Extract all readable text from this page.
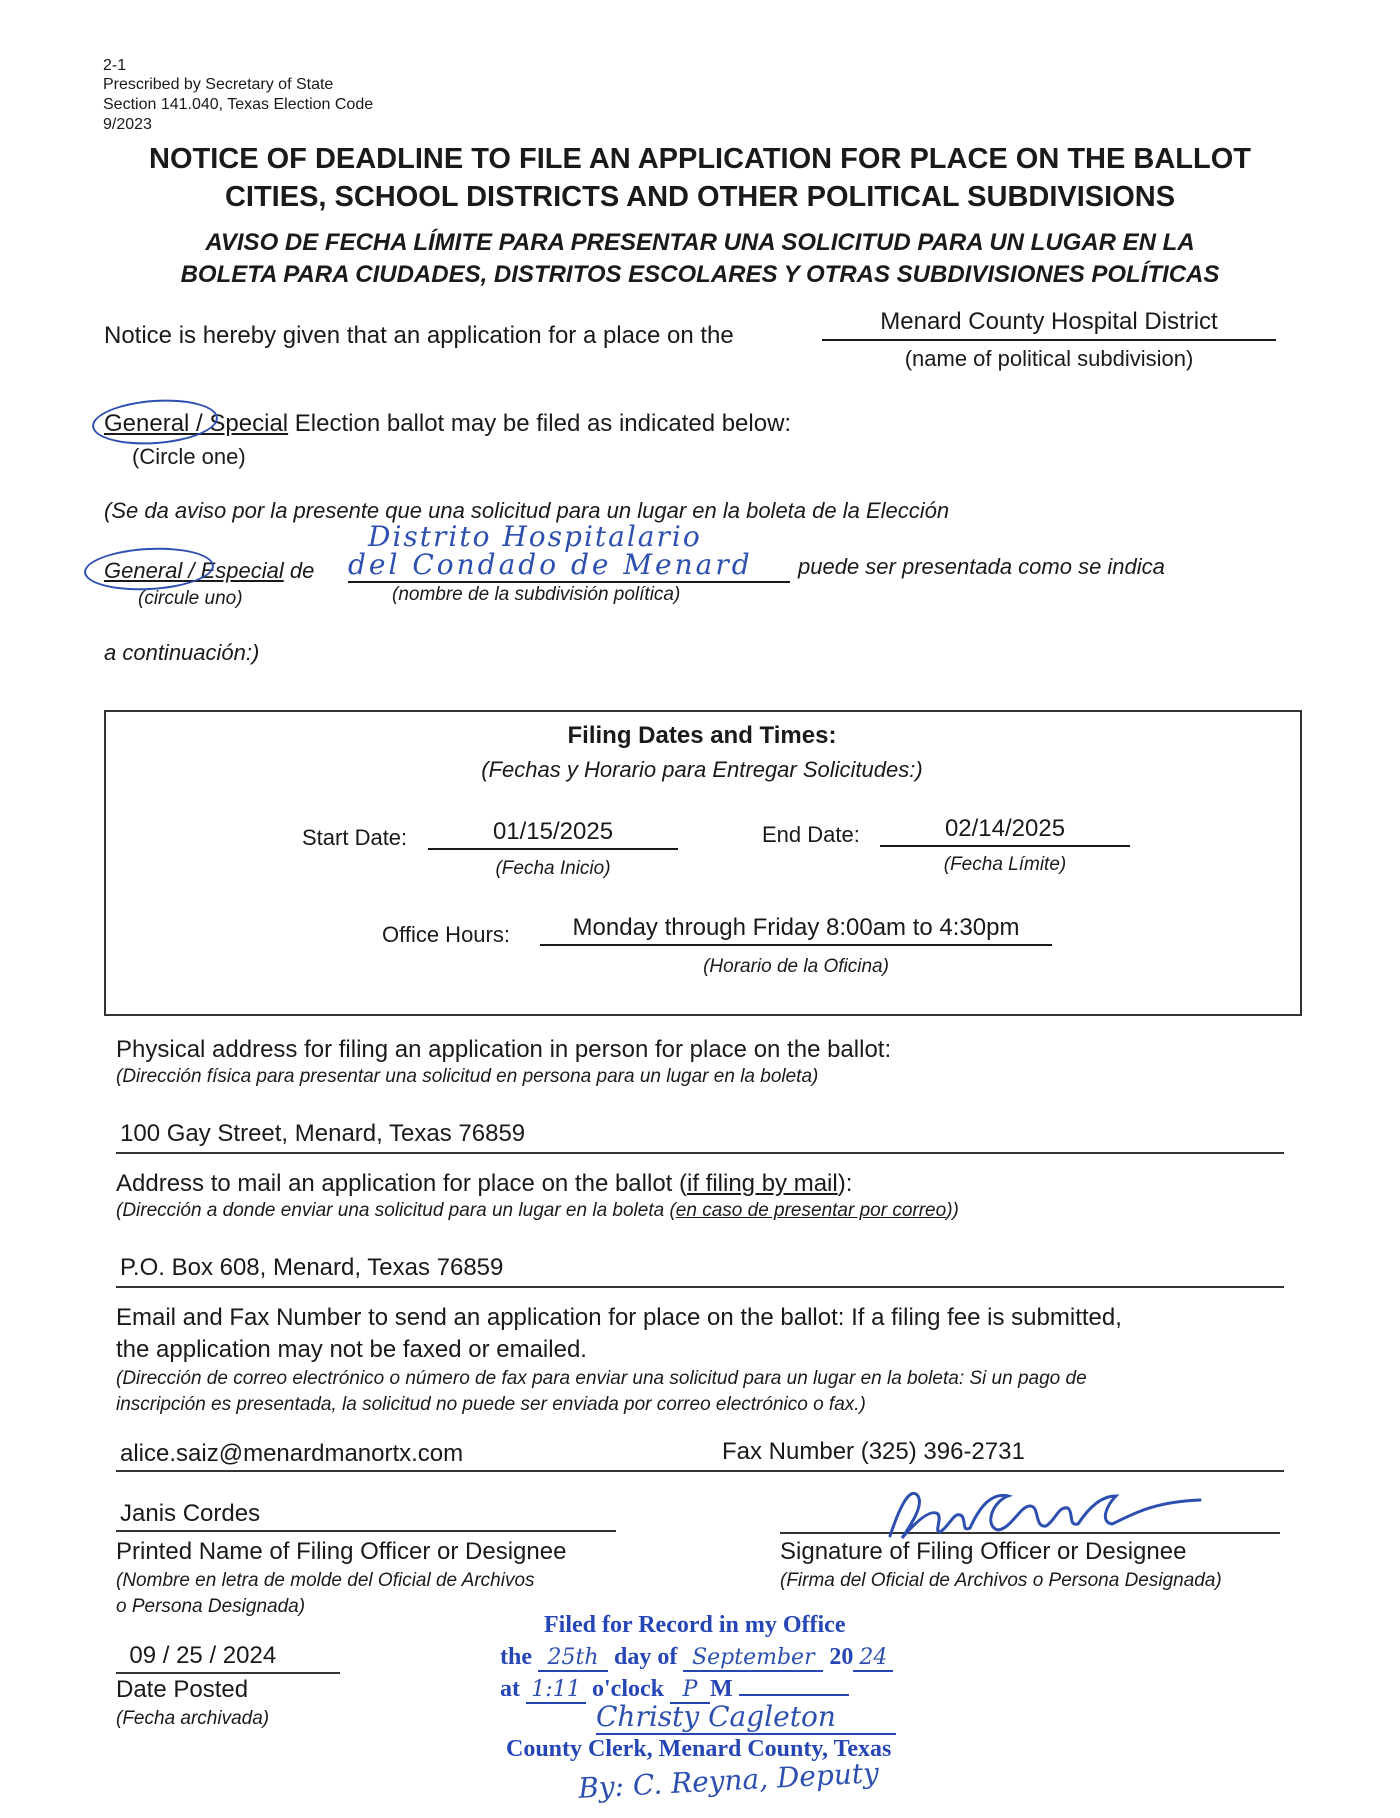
2-1
Prescribed by Secretary of State
Section 141.040, Texas Election Code
9/2023
NOTICE OF DEADLINE TO FILE AN APPLICATION FOR PLACE ON THE BALLOT
CITIES, SCHOOL DISTRICTS AND OTHER POLITICAL SUBDIVISIONS
AVISO DE FECHA LÍMITE PARA PRESENTAR UNA SOLICITUD PARA UN LUGAR EN LA
BOLETA PARA CIUDADES, DISTRITOS ESCOLARES Y OTRAS SUBDIVISIONES POLÍTICAS
Notice is hereby given that an application for a place on the
Menard County Hospital District
(name of political subdivision)
General / Special Election ballot may be filed as indicated below:
(Circle one)
(Se da aviso por la presente que una solicitud para un lugar en la boleta de la Elección
General / Especial de
Distrito Hospitalario
del Condado de Menard	puede ser presentada como se indica
(circule uno)	(nombre de la subdivisión política)
a continuación:)
Filing Dates and Times:
(Fechas y Horario para Entregar Solicitudes:)
Start Date:	01/15/2025
(Fecha Inicio)
End Date:	02/14/2025
(Fecha Límite)
Office Hours:	Monday through Friday 8:00am to 4:30pm
(Horario de la Oficina)
Physical address for filing an application in person for place on the ballot:
(Dirección física para presentar una solicitud en persona para un lugar en la boleta)
100 Gay Street, Menard, Texas 76859
Address to mail an application for place on the ballot (if filing by mail):
(Dirección a donde enviar una solicitud para un lugar en la boleta (en caso de presentar por correo))
P.O. Box 608, Menard, Texas 76859
Email and Fax Number to send an application for place on the ballot: If a filing fee is submitted,
the application may not be faxed or emailed.
(Dirección de correo electrónico o número de fax para enviar una solicitud para un lugar en la boleta: Si un pago de
inscripción es presentada, la solicitud no puede ser enviada por correo electrónico o fax.)
alice.saiz@menardmanortx.com	Fax Number (325) 396-2731
Janis Cordes
Printed Name of Filing Officer or Designee
(Nombre en letra de molde del Oficial de Archivos
o Persona Designada)
Signature of Filing Officer or Designee
(Firma del Oficial de Archivos o Persona Designada)
09 / 25 / 2024
Date Posted
(Fecha archivada)
Filed for Record in my Office
the 25th day of September 20 24
at 1:11 o'clock P M
Christy Cagleton
County Clerk, Menard County, Texas
By: C. Reyna, Deputy
